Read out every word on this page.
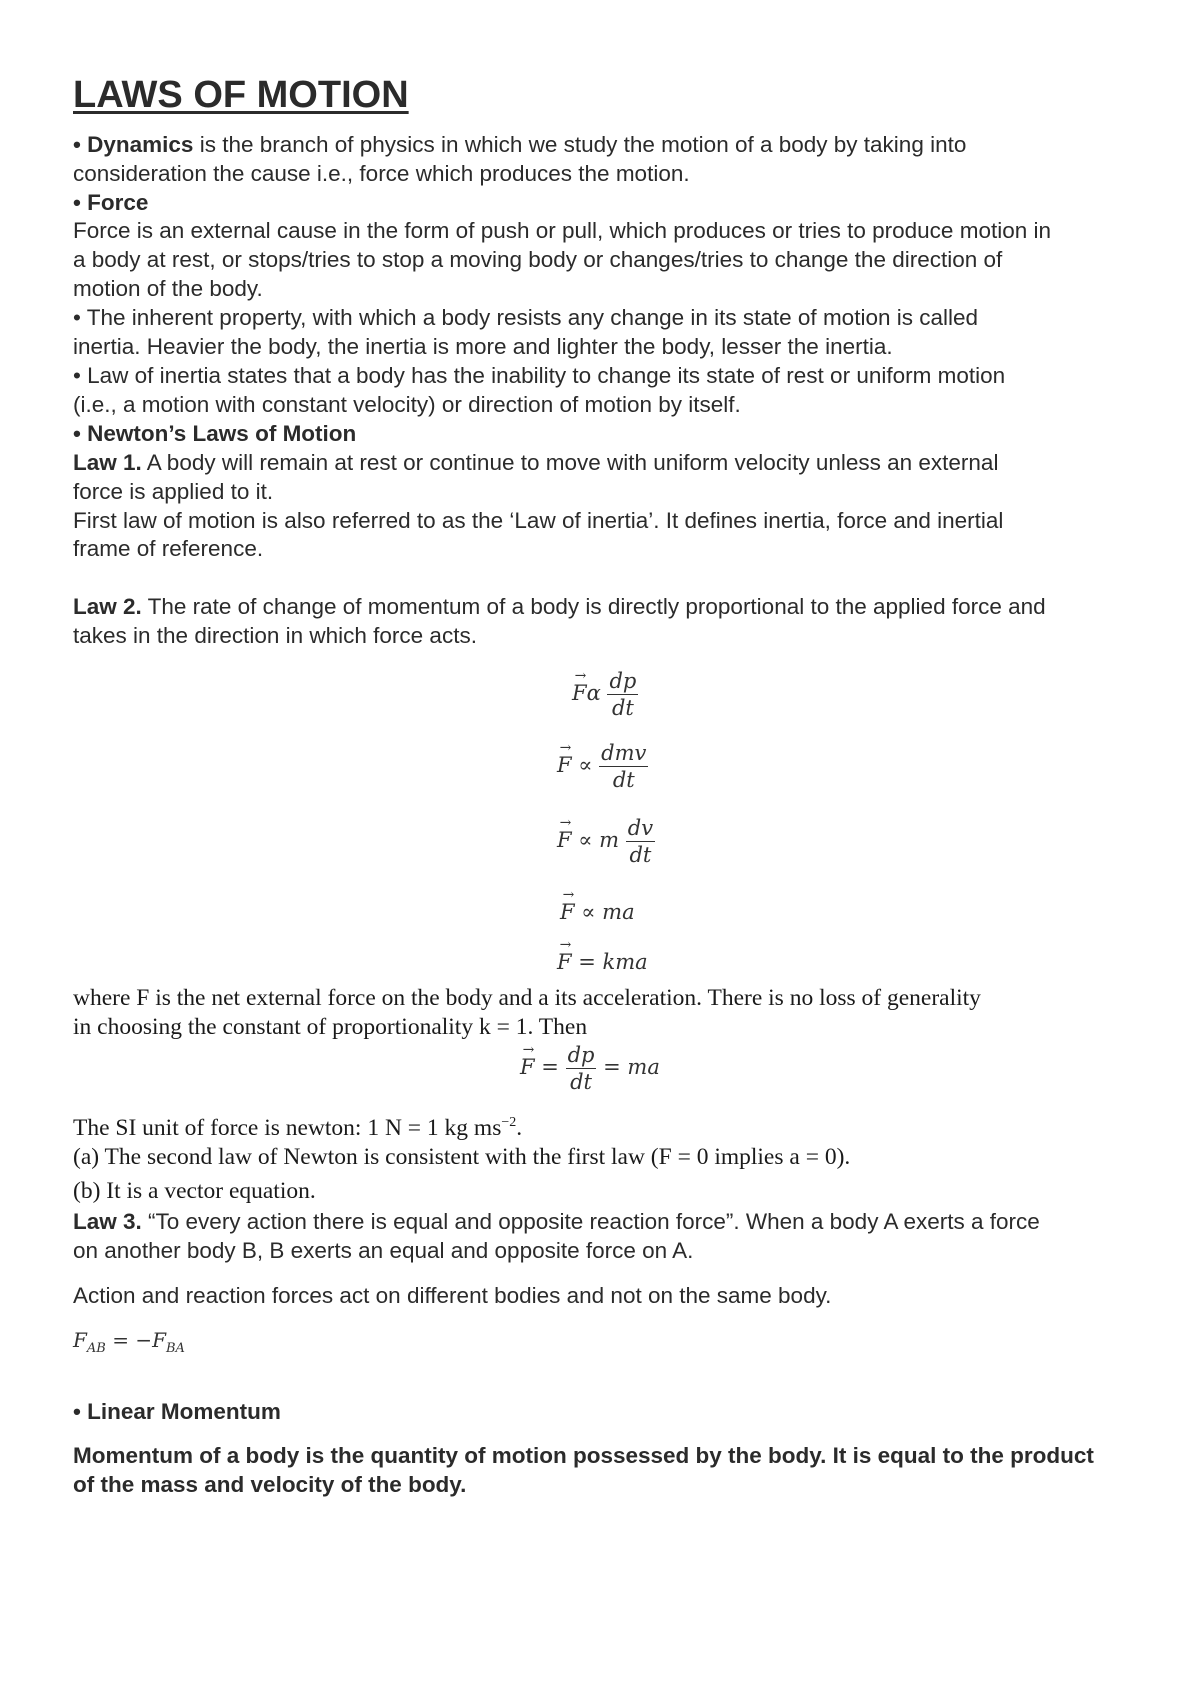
LAWS OF MOTION

• Dynamics is the branch of physics in which we study the motion of a body by taking into

consideration the cause i.e., force which produces the motion.

• Force

Force is an external cause in the form of push or pull, which produces or tries to produce motion in

a body at rest, or stops/tries to stop a moving body or changes/tries to change the direction of

motion of the body.

• The inherent property, with which a body resists any change in its state of motion is called

inertia. Heavier the body, the inertia is more and lighter the body, lesser the inertia.

• Law of inertia states that a body has the inability to change its state of rest or uniform motion

(i.e., a motion with constant velocity) or direction of motion by itself.

• Newton’s Laws of Motion

Law 1. A body will remain at rest or continue to move with uniform velocity unless an external

force is applied to it.

First law of motion is also referred to as the ‘Law of inertia’. It defines inertia, force and inertial

frame of reference.

Law 2. The rate of change of momentum of a body is directly proportional to the applied force and

takes in the direction in which force acts.

$F \to\alpha \frac{dp}{dt}$
F → ∝ $\frac{\text{dmv}}{dt}$
F → ∝ m $\frac{dv}{dt}$
F → ∝ ma
F → = kma
where F is the net external force on the body and a its acceleration. There is no loss of generality
in choosing the constant of proportionality k = 1. Then
F → = $\frac{dp}{dt}$ = ma
The SI unit of force is newton: 1 N = 1 kg $ms^{-2}$.
(a) The second law of Newton is consistent with the first law (F = 0 implies a = 0).
(b) It is a vector equation.

Law 3. “To every action there is equal and opposite reaction force”. When a body A exerts a force

on another body B, B exerts an equal and opposite force on A.

Action and reaction forces act on different bodies and not on the same body.

$F_{AB} = -F_{BA}$

• Linear Momentum

Momentum of a body is the quantity of motion possessed by the body. It is equal to the product

of the mass and velocity of the body.
